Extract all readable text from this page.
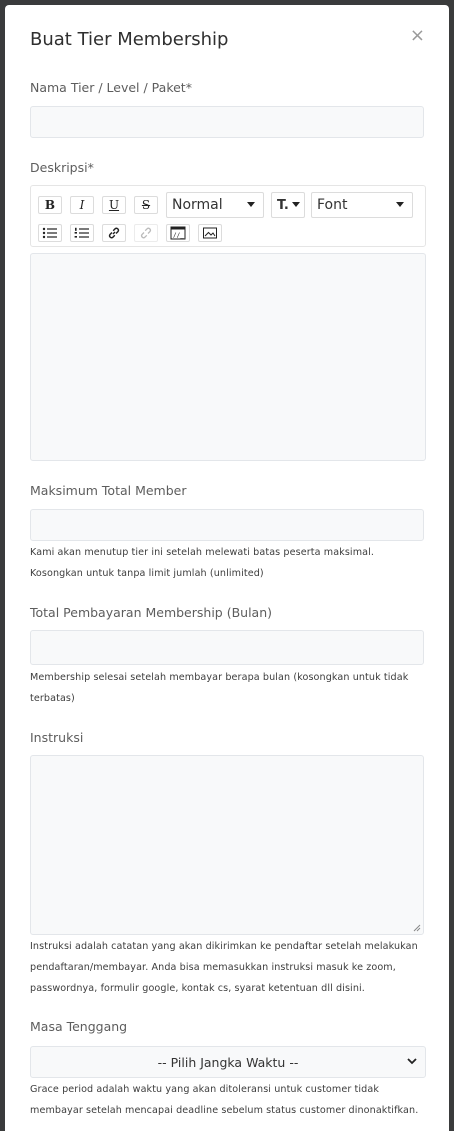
Buat Tier Membership	×
Nama Tier / Level / Paket*
Deskripsi*
B	I	U	S	Normal	T. Font
//_
Maksimum Total Member
Kami akan menutup tier ini setelah melewati batas peserta maksimal. Kosongkan untuk tanpa limit jumlah (unlimited)
Total Pembayaran Membership (Bulan)
Membership selesai setelah membayar berapa bulan (kosongkan untuk tidak terbatas)
Instruksi
Instruksi adalah catatan yang akan dikirimkan ke pendaftar setelah melakukan pendaftaran/membayar. Anda bisa memasukkan instruksi masuk ke zoom, passwordnya, formulir google, kontak cs, syarat ketentuan dll disini.
Masa Tenggang
-- Pilih Jangka Waktu --
Grace period adalah waktu yang akan ditoleransi untuk customer tidak membayar setelah mencapai deadline sebelum status customer dinonaktifkan.
